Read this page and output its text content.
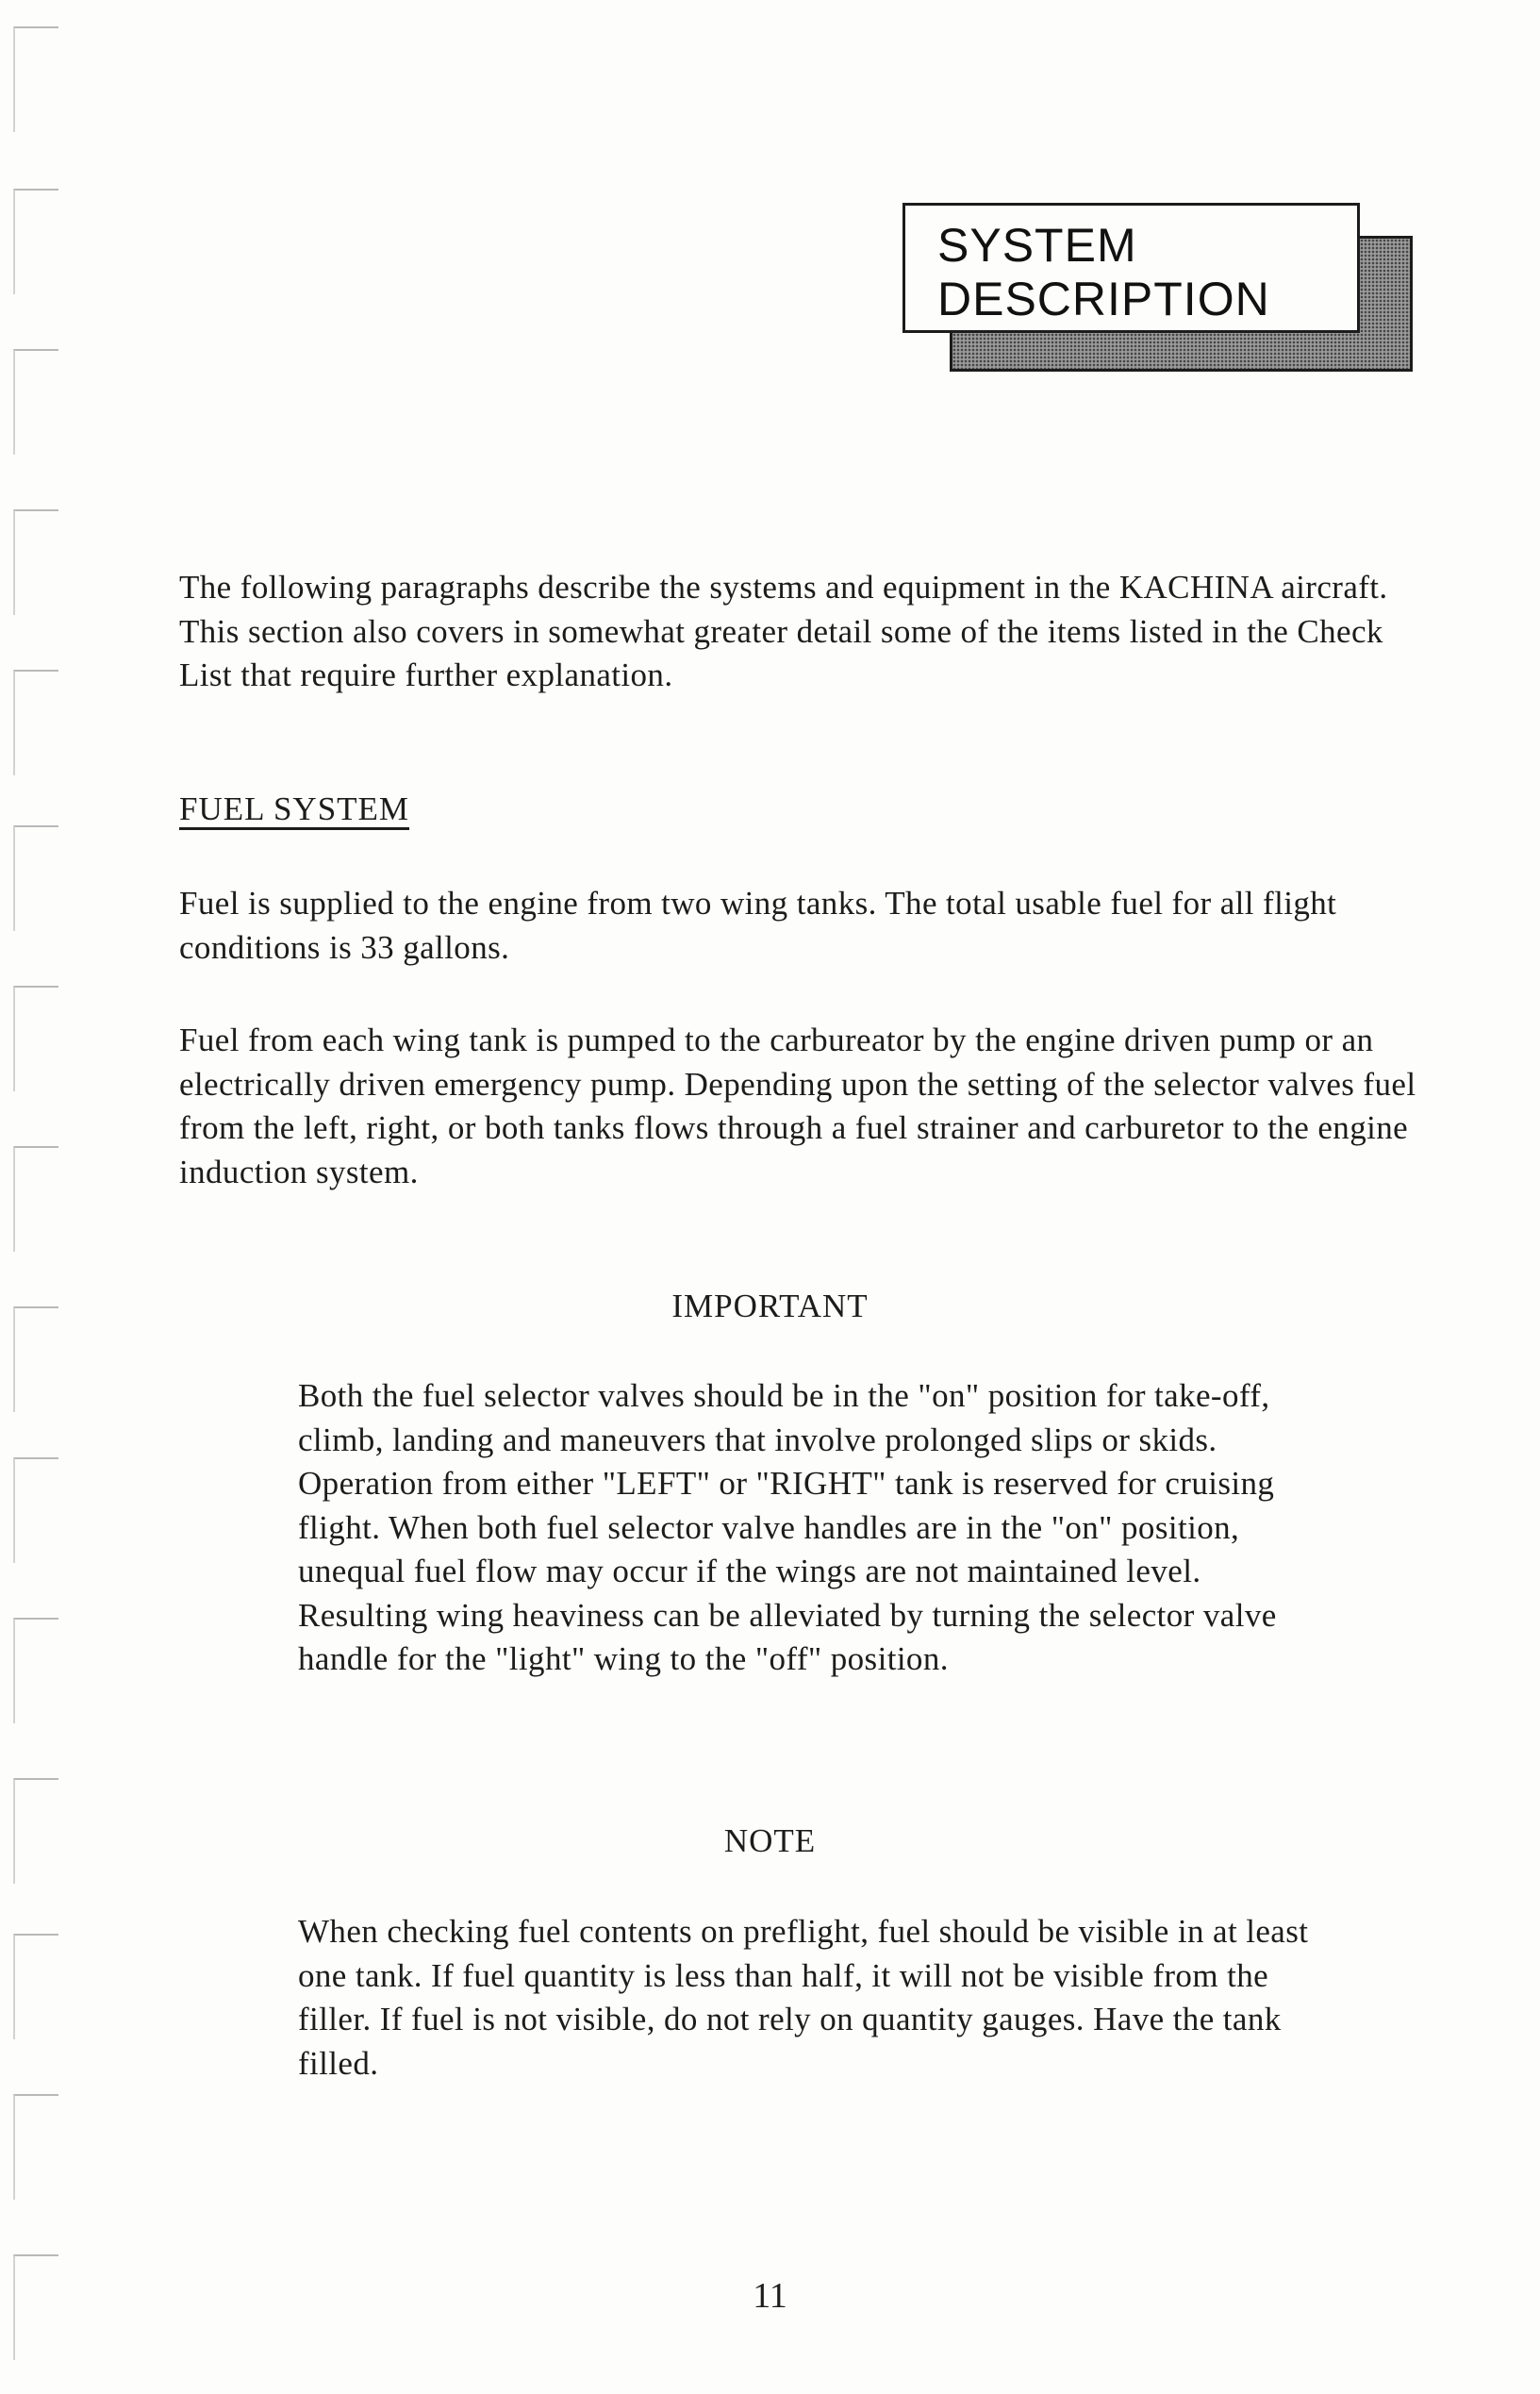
SYSTEM
DESCRIPTION

The following paragraphs describe the systems and equipment in the KACHINA aircraft. This section also covers in somewhat greater detail some of the items listed in the Check List that require further explanation.

FUEL SYSTEM

Fuel is supplied to the engine from two wing tanks. The total usable fuel for all flight conditions is 33 gallons.

Fuel from each wing tank is pumped to the carbureator by the engine driven pump or an electrically driven emergency pump. Depending upon the setting of the selector valves fuel from the left, right, or both tanks flows through a fuel strainer and carburetor to the engine induction system.

IMPORTANT

Both the fuel selector valves should be in the "on" position for take-off, climb, landing and maneuvers that involve prolonged slips or skids. Operation from either "LEFT" or "RIGHT" tank is reserved for cruising flight. When both fuel selector valve handles are in the "on" position, unequal fuel flow may occur if the wings are not maintained level. Resulting wing heaviness can be alleviated by turning the selector valve handle for the "light" wing to the "off" position.

NOTE

When checking fuel contents on preflight, fuel should be visible in at least one tank. If fuel quantity is less than half, it will not be visible from the filler. If fuel is not visible, do not rely on quantity gauges. Have the tank filled.

11
